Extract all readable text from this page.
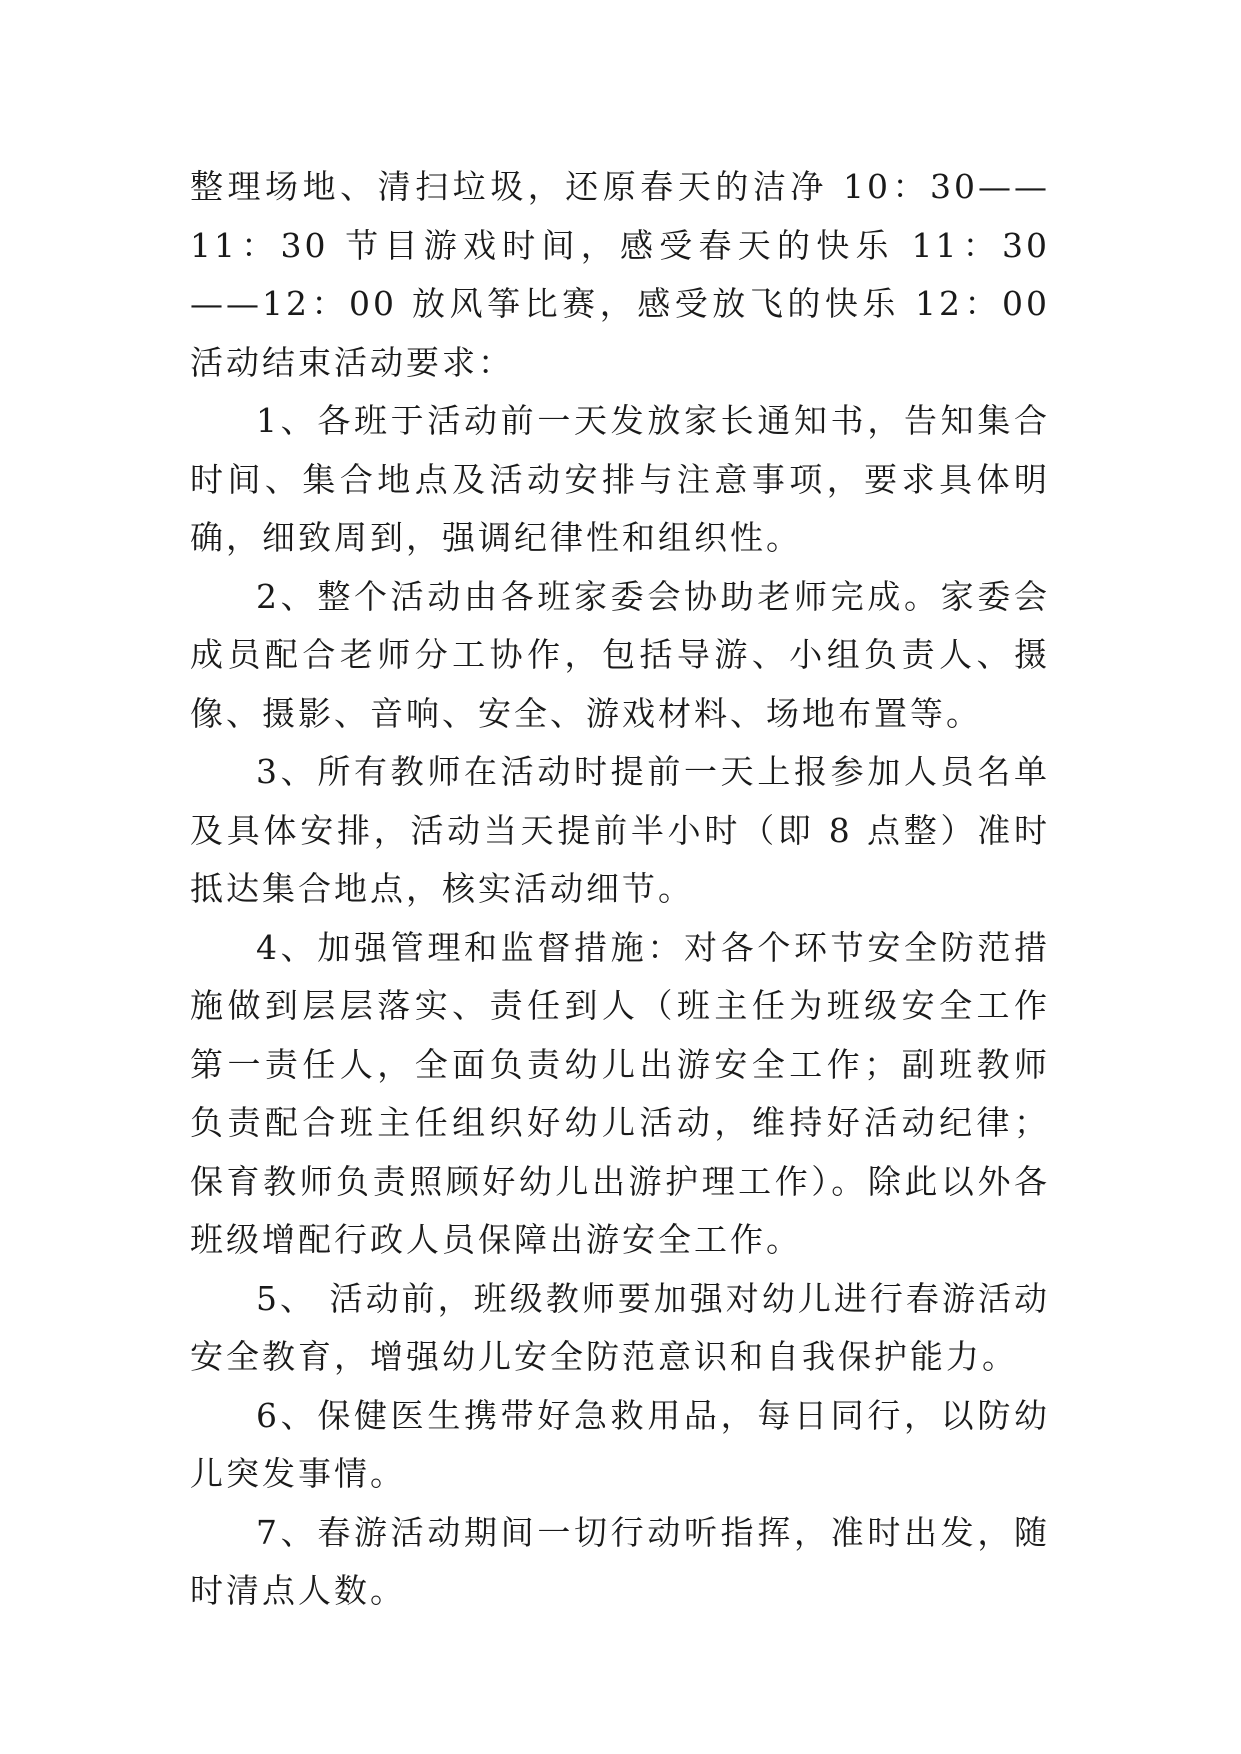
整理场地、清扫垃圾，还原春天的洁净 10：30——11：30 节目游戏时间，感受春天的快乐 11：30——12：00 放风筝比赛，感受放飞的快乐 12：00 活动结束活动要求：

1、各班于活动前一天发放家长通知书，告知集合时间、集合地点及活动安排与注意事项，要求具体明确，细致周到，强调纪律性和组织性。

2、整个活动由各班家委会协助老师完成。家委会成员配合老师分工协作，包括导游、小组负责人、摄像、摄影、音响、安全、游戏材料、场地布置等。

3、所有教师在活动时提前一天上报参加人员名单及具体安排，活动当天提前半小时（即 8 点整）准时抵达集合地点，核实活动细节。

4、加强管理和监督措施：对各个环节安全防范措施做到层层落实、责任到人（班主任为班级安全工作第一责任人，全面负责幼儿出游安全工作；副班教师负责配合班主任组织好幼儿活动，维持好活动纪律；保育教师负责照顾好幼儿出游护理工作）。除此以外各班级增配行政人员保障出游安全工作。

5、 活动前，班级教师要加强对幼儿进行春游活动安全教育，增强幼儿安全防范意识和自我保护能力。

6、保健医生携带好急救用品，每日同行，以防幼儿突发事情。

7、春游活动期间一切行动听指挥，准时出发，随时清点人数。
